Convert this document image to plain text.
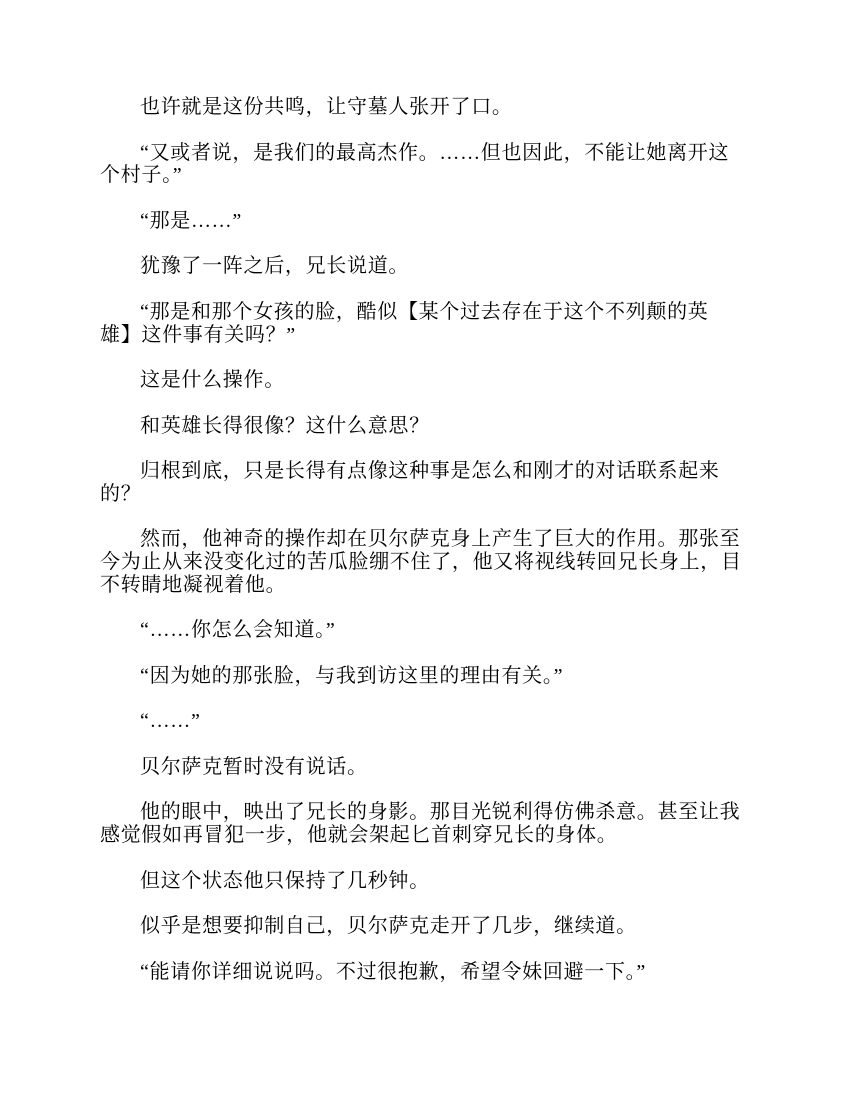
也许就是这份共鸣，让守墓人张开了口。

“又或者说，是我们的最高杰作。……但也因此，不能让她离开这
个村子。”

“那是……”

犹豫了一阵之后，兄长说道。

“那是和那个女孩的脸，酷似【某个过去存在于这个不列颠的英
雄】这件事有关吗？”

这是什么操作。

和英雄长得很像？这什么意思？

归根到底，只是长得有点像这种事是怎么和刚才的对话联系起来
的？

然而，他神奇的操作却在贝尔萨克身上产生了巨大的作用。那张至
今为止从来没变化过的苦瓜脸绷不住了，他又将视线转回兄长身上，目
不转睛地凝视着他。

“……你怎么会知道。”

“因为她的那张脸，与我到访这里的理由有关。”

“……”

贝尔萨克暂时没有说话。

他的眼中，映出了兄长的身影。那目光锐利得仿佛杀意。甚至让我
感觉假如再冒犯一步，他就会架起匕首刺穿兄长的身体。

但这个状态他只保持了几秒钟。

似乎是想要抑制自己，贝尔萨克走开了几步，继续道。

“能请你详细说说吗。不过很抱歉，希望令妹回避一下。”
